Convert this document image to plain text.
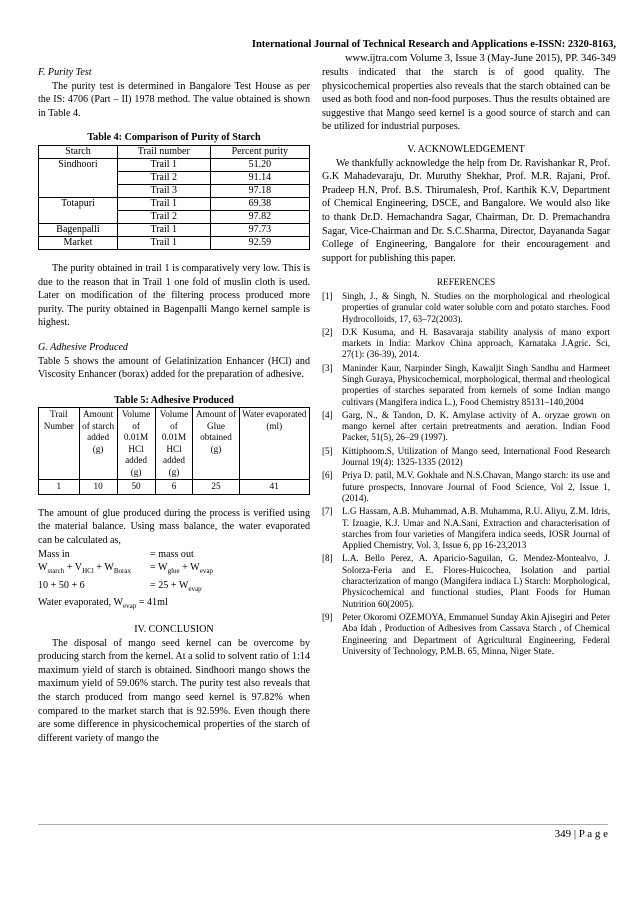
International Journal of Technical Research and Applications e-ISSN: 2320-8163,
www.ijtra.com Volume 3, Issue 3 (May-June 2015), PP. 346-349

F. Purity Test

The purity test is determined in Bangalore Test House as per the IS: 4706 (Part – II) 1978 method. The value obtained is shown in Table 4.

Table 4: Comparison of Purity of Starch

Starch	Trail number	Percent purity
Sindhoori	Trail 1	51.20
	Trail 2	91.14
	Trail 3	97.18
Totapuri	Trail 1	69.38
	Trail 2	97.82
Bagenpalli	Trail 1	97.73
Market	Trail 1	92.59

The purity obtained in trail 1 is comparatively very low. This is due to the reason that in Trail 1 one fold of muslin cloth is used. Later on modification of the filtering process produced more purity. The purity obtained in Bagenpalli Mango kernel sample is highest.

G. Adhesive Produced

Table 5 shows the amount of Gelatinization Enhancer (HCl) and Viscosity Enhancer (borax) added for the preparation of adhesive.

Table 5: Adhesive Produced

Trail Number	Amount of starch added (g)	Volume of 0.01M HCl added (g)	Volume of 0.01M HCl added (g)	Amount of Glue obtained (g)	Water evaporated (ml)
1	10	50	6	25	41

The amount of glue produced during the process is verified using the material balance. Using mass balance, the water evaporated can be calculated as,

Mass in	= mass out
$W_{starch} + V_{HCl} + W_{Borax}$	= $W_{glue} + W_{evap}$
10 + 50 + 6	= $25 + W_{evap}$
Water evaporated, $W_{evap} = 41ml$

IV. CONCLUSION

The disposal of mango seed kernel can be overcome by producing starch from the kernel. At a solid to solvent ratio of 1:14 maximum yield of starch is obtained. Sindhoori mango shows the maximum yield of 59.06% starch. The purity test also reveals that the starch produced from mango seed kernel is 97.82% when compared to the market starch that is 92.59%. Even though there are some difference in physicochemical properties of the starch of different variety of mango the

results indicated that the starch is of good quality. The physicochemical properties also reveals that the starch obtained can be used as both food and non-food purposes. Thus the results obtained are suggestive that Mango seed kernel is a good source of starch and can be utilized for industrial purposes.

V. ACKNOWLEDGEMENT

We thankfully acknowledge the help from Dr. Ravishankar R, Prof. G.K Mahadevaraju, Dr. Muruthy Shekhar, Prof. M.R. Rajani, Prof. Pradeep H.N, Prof. B.S. Thirumalesh, Prof. Karthik K.V, Department of Chemical Engineering, DSCE, and Bangalore. We would also like to thank Dr.D. Hemachandra Sagar, Chairman, Dr. D. Premachandra Sagar, Vice-Chairman and Dr. S.C.Sharma, Director, Dayananda Sagar College of Engineering, Bangalore for their encouragement and support for publishing this paper.

REFERENCES

[1]	Singh, J., & Singh, N. Studies on the morphological and rheological properties of granular cold water soluble corn and potato starches. Food Hydrocolloids, 17, 63–72(2003).
[2]	D.K Kusuma, and H. Basavaraja stability analysis of mano export markets in India: Markov China approach, Karnataka J.Agric. Sci, 27(1): (36-39), 2014.
[3]	Maninder Kaur, Narpinder Singh, Kawaljit Singh Sandhu and Harmeet Singh Guraya, Physicochemical, morphological, thermal and rheological properties of starches separated from kernels of some Indian mango cultivars (Mangifera indica L.), Food Chemistry 85131–140,2004
[4]	Garg, N., & Tandon, D. K. Amylase activity of A. oryzae grown on mango kernel after certain pretreatments and aeration. Indian Food Packer, 51(5), 26–29 (1997).
[5]	Kittiphoom.S, Utilization of Mango seed, International Food Research Journal 19(4): 1325-1335 (2012)
[6]	Priya D. patil, M.V. Gokhale and N.S.Chavan, Mango starch: its use and future prospects, Innovare Journal of Food Science, Vol 2, Issue 1, (2014).
[7]	L.G Hassam, A.B. Muhammad, A.B. Muhamma, R.U. Aliyu, Z.M. Idris, T. Izuagie, K.J. Umar and N.A.Sani, Extraction and characterisation of starches from four varieties of Mangifera indica seeds, IOSR Journal of Applied Chemistry, Vol. 3, Issue 6, pp 16-23,2013
[8]	L.A. Bello Perez, A. Aparicio-Saguilan, G. Mendez-Montealvo, J. Solorza-Feria and E. Flores-Huicochea, Isolation and partial characterization of mango (Mangifera indiaca L) Starch: Morphological, Physicochemical and functional studies, Plant Foods for Human Nutrition 60(2005).
[9]	Peter Okoromi OZEMOYA, Emmanuel Sunday Akin Ajisegiri and Peter Aba Idah , Production of Adhesives from Cassava Starch , of Chemical Engineering and Department of Agricultural Engineering, Federal University of Technology, P.M.B. 65, Minna, Niger State.
349 | P a g e
